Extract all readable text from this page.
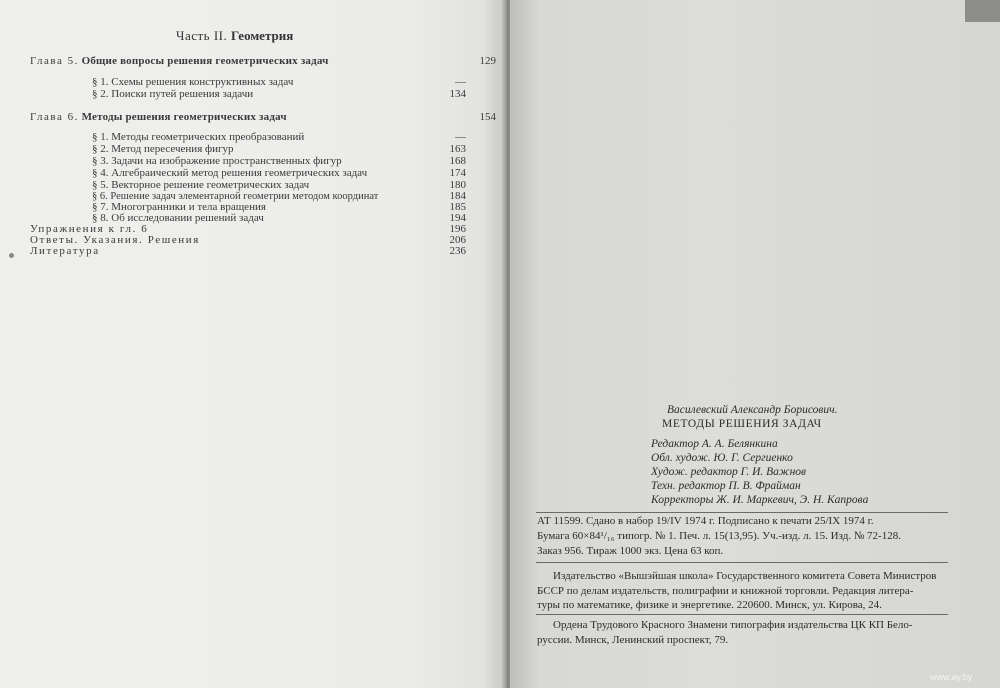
Часть II. Геометрия
Глава 5. Общие вопросы решения геометрических задач	129
§ 1. Схемы решения конструктивных задач	—
§ 2. Поиски путей решения задачи	134
Глава 6. Методы решения геометрических задач	154
§ 1. Методы геометрических преобразований	—
§ 2. Метод пересечения фигур	163
§ 3. Задачи на изображение пространственных фигур	168
§ 4. Алгебраический метод решения геометрических задач	174
§ 5. Векторное решение геометрических задач	180
§ 6. Решение задач элементарной геометрии методом координат	184
§ 7. Многогранники и тела вращения	185
§ 8. Об исследовании решений задач	194
Упражнения к гл. 6	196
Ответы. Указания. Решения	206
Литература	236
Василевский Александр Борисович.
МЕТОДЫ РЕШЕНИЯ ЗАДАЧ
Редактор А. А. Белянкина
Обл. худож. Ю. Г. Сергиенко
Худож. редактор Г. И. Важнов
Техн. редактор П. В. Фрайман
Корректоры Ж. И. Маркевич, Э. Н. Капрова
АТ 11599. Сдано в набор 19/IV 1974 г. Подписано к печати 25/IX 1974 г.
Бумага 60×84¹/₁₆ типогр. № 1. Печ. л. 15(13,95). Уч.-изд. л. 15. Изд. № 72-128.
Заказ 956. Тираж 1000 экз. Цена 63 коп.
Издательство «Вышэйшая школа» Государственного комитета Совета Министров БССР по делам издательств, полиграфии и книжной торговли. Редакция литера-
туры по математике, физике и энергетике. 220600. Минск, ул. Кирова, 24.
Ордена Трудового Красного Знамени типография издательства ЦК КП Бело-
руссии. Минск, Ленинский проспект, 79.
www.ay.by
